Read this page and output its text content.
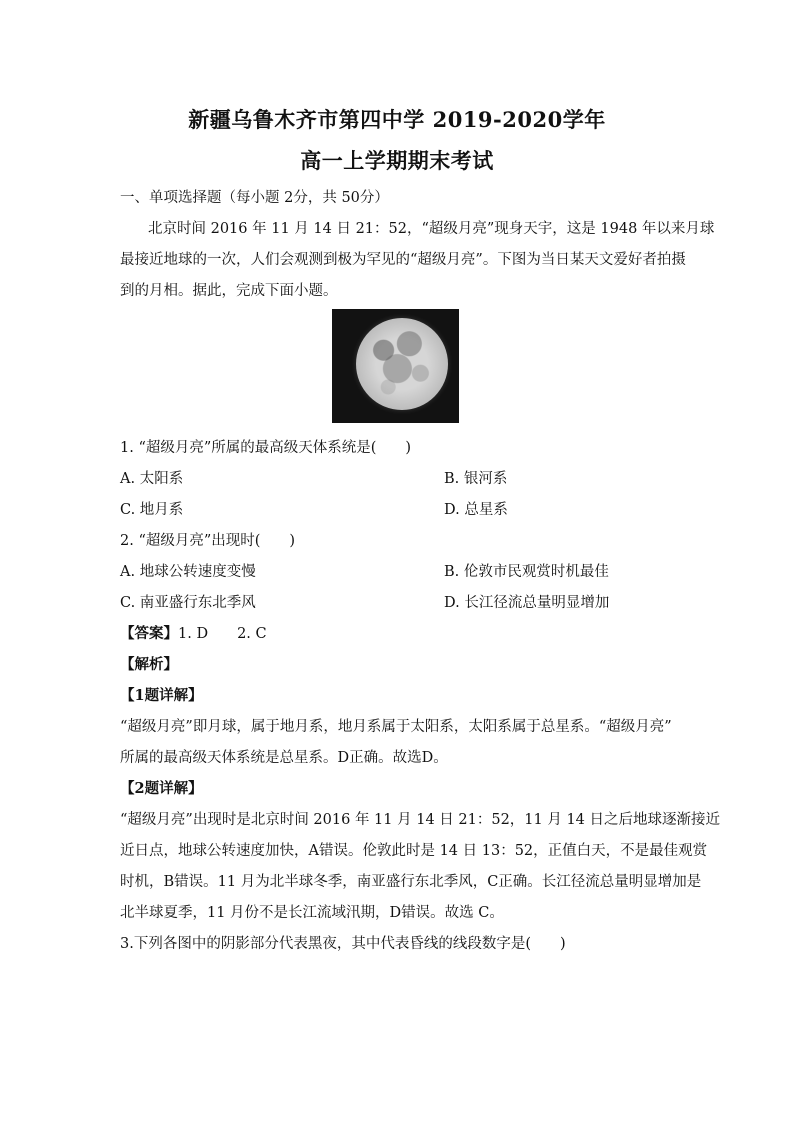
新疆乌鲁木齐市第四中学 2019-2020学年
高一上学期期末考试
一、单项选择题（每小题 2分，共 50分）
北京时间 2016 年 11 月 14 日 21：52，“超级月亮”现身天宇，这是 1948 年以来月球
最接近地球的一次，人们会观测到极为罕见的“超级月亮”。下图为当日某天文爱好者拍摄
到的月相。据此，完成下面小题。
1. “超级月亮”所属的最高级天体系统是(　　)
A. 太阳系	B. 银河系
C. 地月系	D. 总星系
2. “超级月亮”出现时(　　)
A. 地球公转速度变慢	B. 伦敦市民观赏时机最佳
C. 南亚盛行东北季风	D. 长江径流总量明显增加
【答案】1. D　　2. C
【解析】
【1题详解】
“超级月亮”即月球，属于地月系，地月系属于太阳系，太阳系属于总星系。“超级月亮”
所属的最高级天体系统是总星系。D正确。故选D。
【2题详解】
“超级月亮”出现时是北京时间 2016 年 11 月 14 日 21：52，11 月 14 日之后地球逐渐接近
近日点，地球公转速度加快，A错误。伦敦此时是 14 日 13：52，正值白天，不是最佳观赏
时机，B错误。11 月为北半球冬季，南亚盛行东北季风，C正确。长江径流总量明显增加是
北半球夏季，11 月份不是长江流域汛期，D错误。故选 C。
3.下列各图中的阴影部分代表黑夜，其中代表昏线的线段数字是(　　)
